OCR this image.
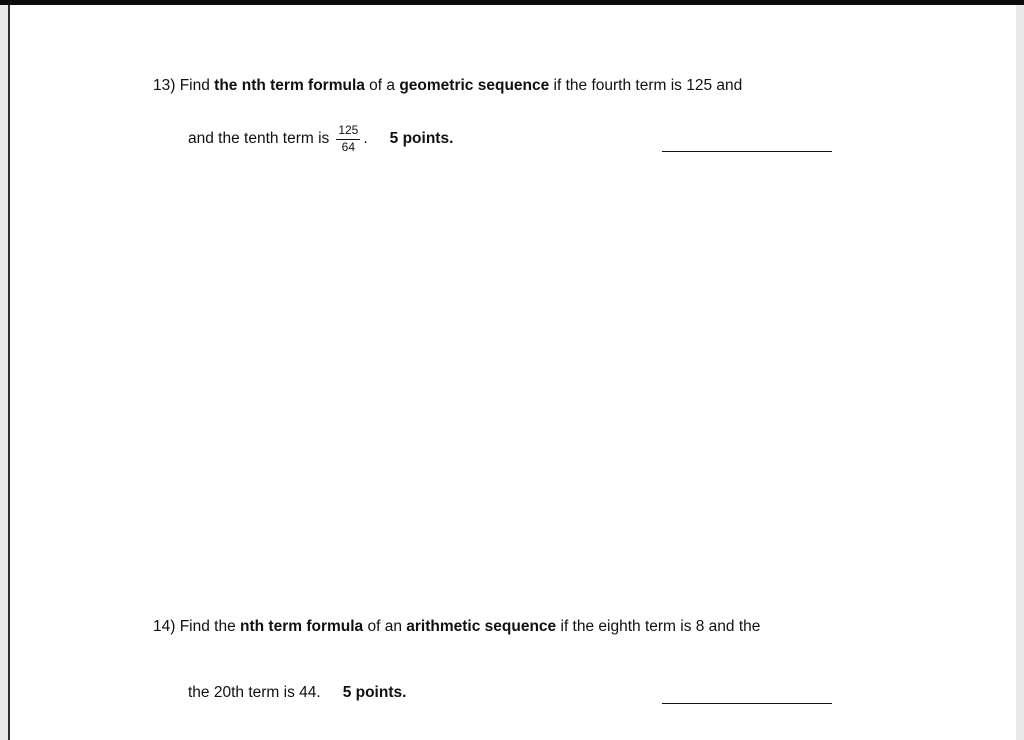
13) Find the nth term formula of a geometric sequence if the fourth term is 125 and
and the tenth term is $\frac{125}{64}$ . 5 points.
14) Find the nth term formula of an arithmetic sequence if the eighth term is 8 and the
the 20th term is 44. 5 points.
